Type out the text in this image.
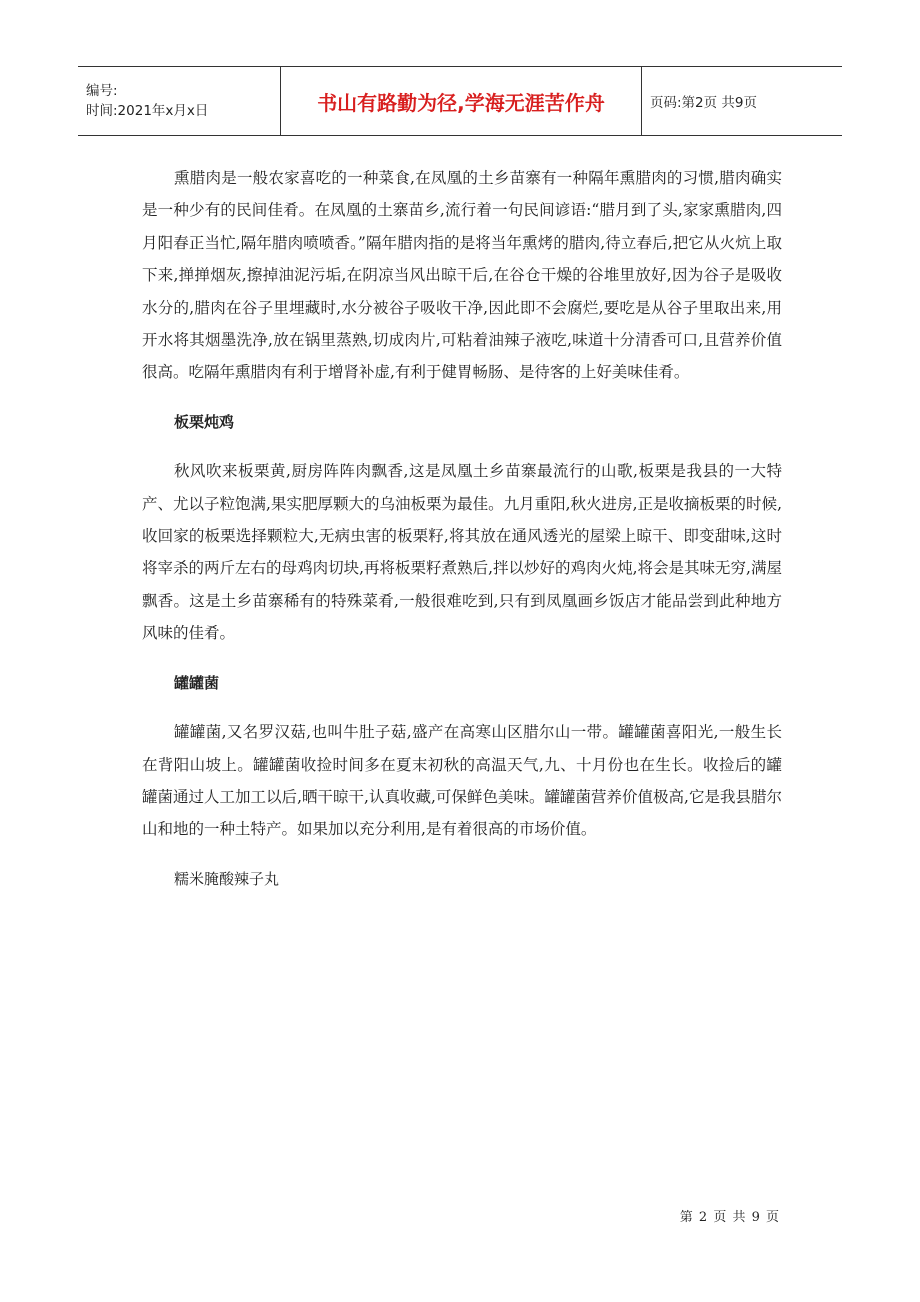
编号:
时间:2021年x月x日	书山有路勤为径,学海无涯苦作舟	页码:第2页 共9页

熏腊肉是一般农家喜吃的一种菜食,在凤凰的土乡苗寨有一种隔年熏腊肉的习惯,腊肉确实是一种少有的民间佳肴。在凤凰的土寨苗乡,流行着一句民间谚语:“腊月到了头,家家熏腊肉,四月阳春正当忙,隔年腊肉喷喷香。”隔年腊肉指的是将当年熏烤的腊肉,待立春后,把它从火炕上取下来,掸掸烟灰,擦掉油泥污垢,在阴凉当风出晾干后,在谷仓干燥的谷堆里放好,因为谷子是吸收水分的,腊肉在谷子里埋藏时,水分被谷子吸收干净,因此即不会腐烂,要吃是从谷子里取出来,用开水将其烟墨洗净,放在锅里蒸熟,切成肉片,可粘着油辣子液吃,味道十分清香可口,且营养价值很高。吃隔年熏腊肉有利于增肾补虚,有利于健胃畅肠、是待客的上好美味佳肴。

板栗炖鸡

秋风吹来板栗黄,厨房阵阵肉飘香,这是凤凰土乡苗寨最流行的山歌,板栗是我县的一大特产、尤以子粒饱满,果实肥厚颗大的乌油板栗为最佳。九月重阳,秋火进房,正是收摘板栗的时候,收回家的板栗选择颗粒大,无病虫害的板栗籽,将其放在通风透光的屋梁上晾干、即变甜味,这时将宰杀的两斤左右的母鸡肉切块,再将板栗籽煮熟后,拌以炒好的鸡肉火炖,将会是其味无穷,满屋飘香。这是土乡苗寨稀有的特殊菜肴,一般很难吃到,只有到凤凰画乡饭店才能品尝到此种地方风味的佳肴。

罐罐菌

罐罐菌,又名罗汉菇,也叫牛肚子菇,盛产在高寒山区腊尔山一带。罐罐菌喜阳光,一般生长在背阳山坡上。罐罐菌收捡时间多在夏末初秋的高温天气,九、十月份也在生长。收捡后的罐罐菌通过人工加工以后,晒干晾干,认真收藏,可保鲜色美味。罐罐菌营养价值极高,它是我县腊尔山和地的一种土特产。如果加以充分利用,是有着很高的市场价值。

糯米腌酸辣子丸

第 2 页 共 9 页
